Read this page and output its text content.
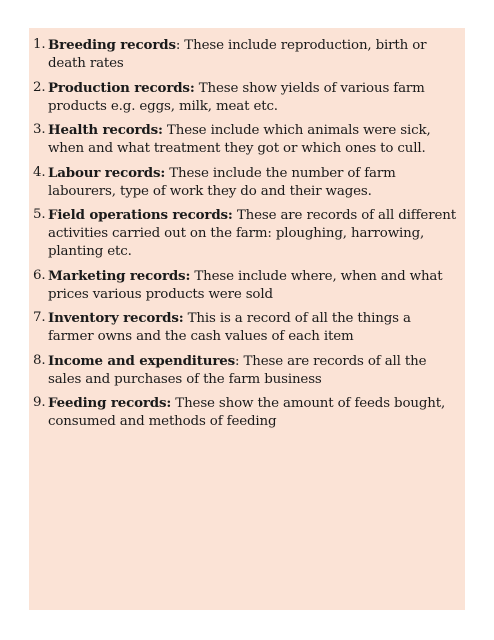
1. Breeding records: These include reproduction, birth or death rates
2. Production records: These show yields of various farm products e.g. eggs, milk, meat etc.
3. Health records: These include which animals were sick, when and what treatment they got or which ones to cull.
4. Labour records: These include the number of farm labourers, type of work they do and their wages.
5. Field operations records: These are records of all different activities carried out on the farm: ploughing, harrowing, planting etc.
6. Marketing records: These include where, when and what prices various products were sold
7. Inventory records: This is a record of all the things a farmer owns and the cash values of each item
8. Income and expenditures: These are records of all the sales and purchases of the farm business
9. Feeding records: These show the amount of feeds bought, consumed and methods of feeding
